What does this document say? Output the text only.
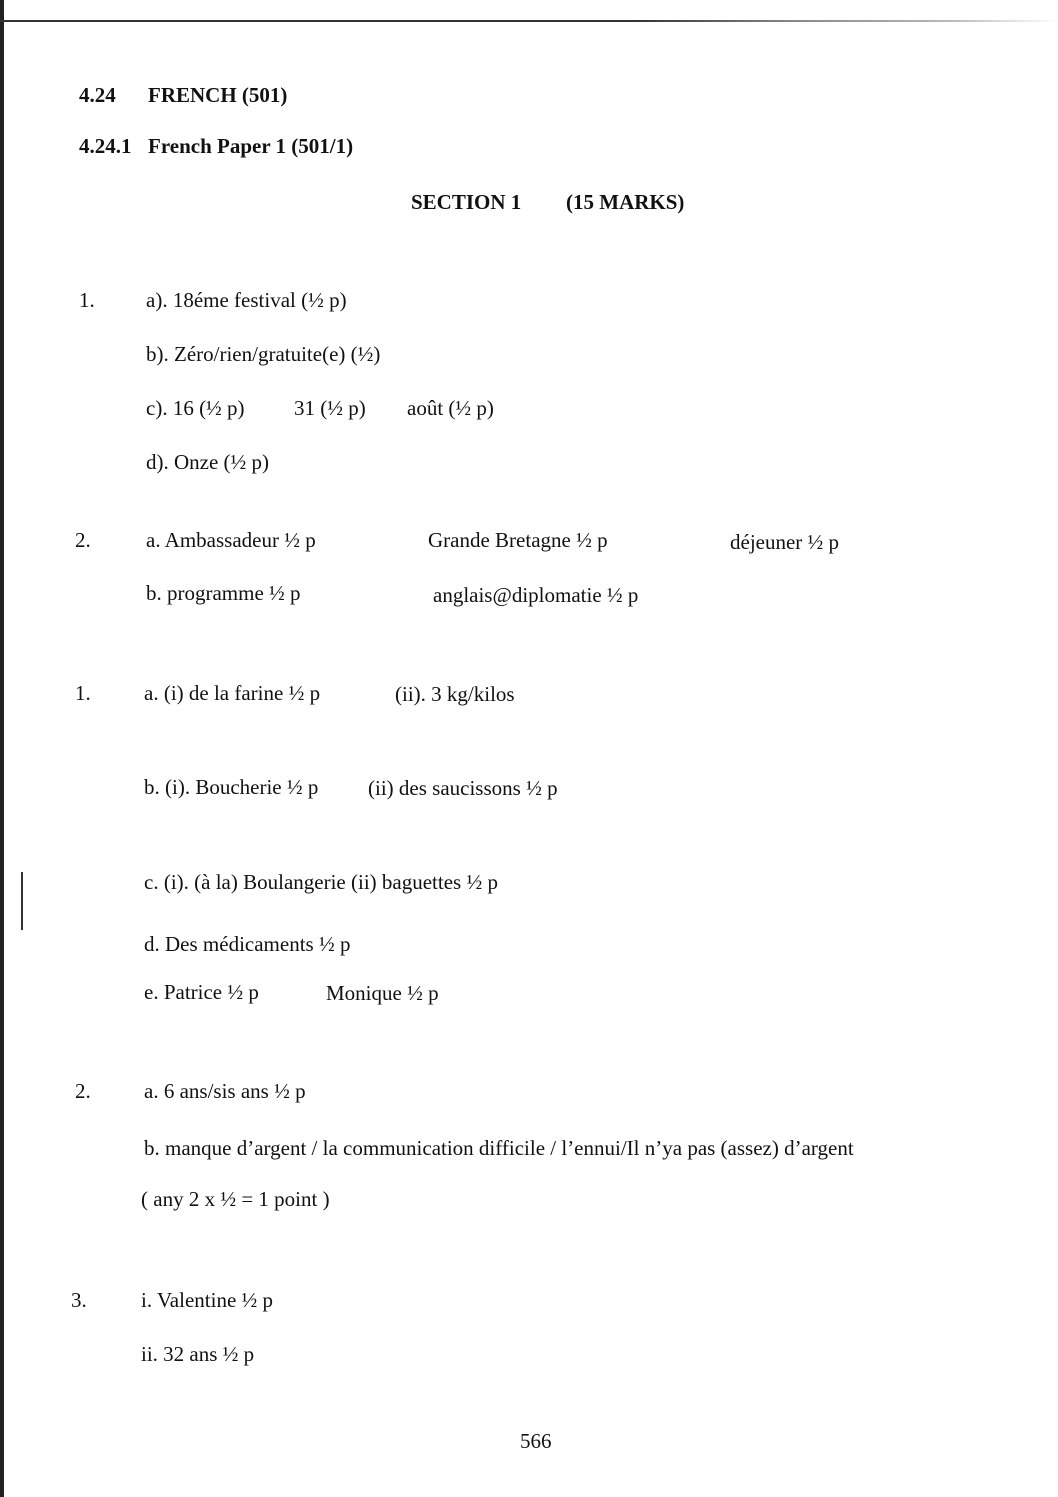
4.24 FRENCH (501)
4.24.1 French Paper 1 (501/1)
SECTION 1 (15 MARKS)
1. a). 18éme festival (½ p)
b). Zéro/rien/gratuite(e) (½)
c). 16 (½ p) 31 (½ p) août (½ p)
d). Onze (½ p)
2.	a. Ambassadeur ½ p	Grande Bretagne ½ p	déjeuner ½ p
b. programme ½ p	anglais@diplomatie ½ p
1.	a. (i) de la farine ½ p	(ii). 3 kg/kilos
b. (i). Boucherie ½ p (ii) des saucissons ½ p
c. (i). (à la) Boulangerie (ii) baguettes ½ p
d. Des médicaments ½ p
e. Patrice ½ p	Monique ½ p
2.	a. 6 ans/sis ans ½ p
b. manque d’argent / la communication difficile / l’ennui/Il n’ya pas (assez) d’argent
( any 2 x ½ = 1 point )
3.	i. Valentine ½ p
ii. 32 ans ½ p
566
